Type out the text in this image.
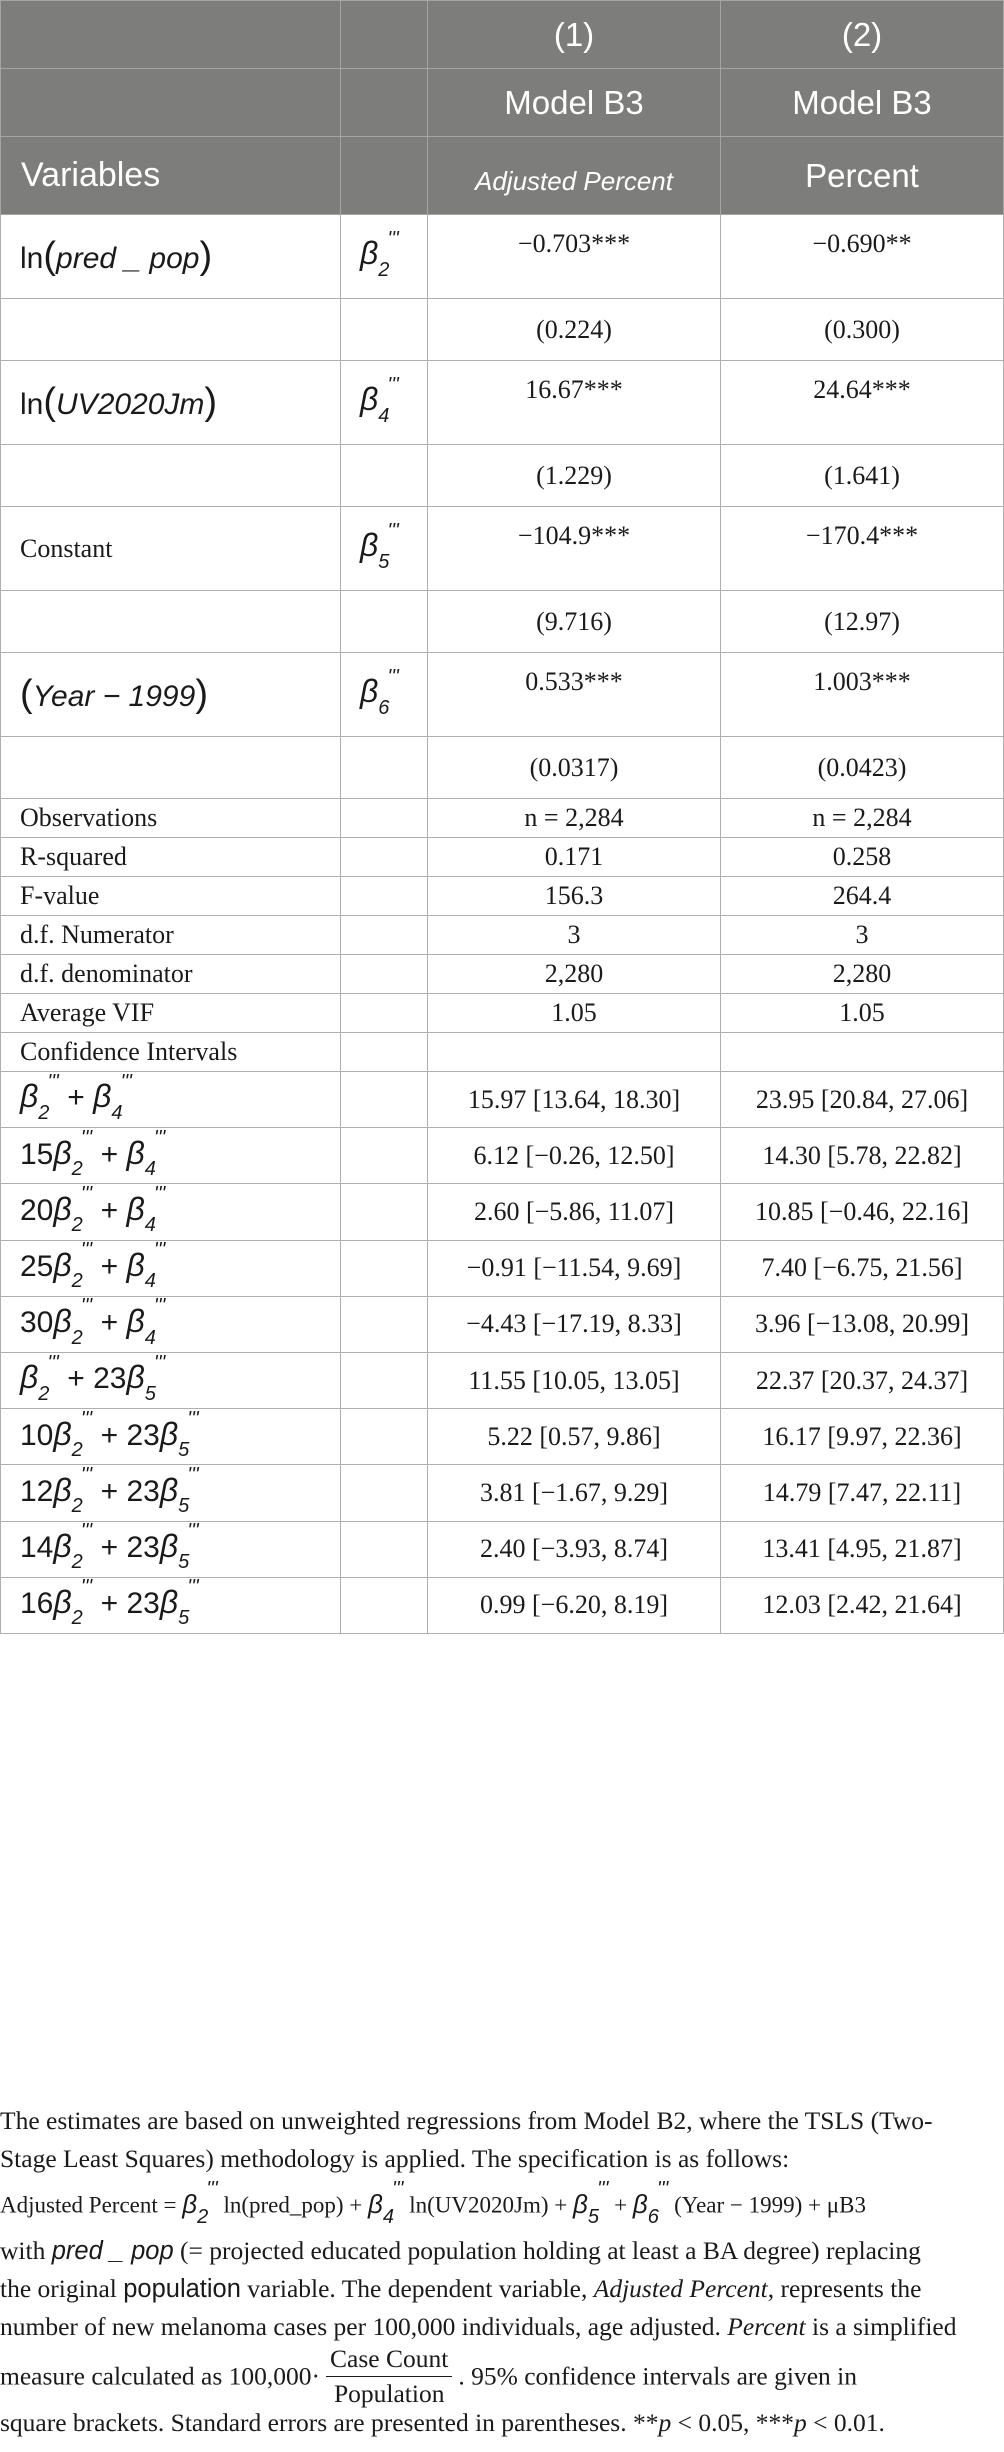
		(1)	(2)
		Model B3	Model B3
Variables		Adjusted Percent	Percent
ln(pred _ pop)	$\beta_2'''$	−0.703***	−0.690**
		(0.224)	(0.300)
ln(UV2020Jm)	$\beta_4'''$	16.67***	24.64***
		(1.229)	(1.641)
Constant	$\beta_5'''$	−104.9***	−170.4***
		(9.716)	(12.97)
(Year − 1999)	$\beta_6'''$	0.533***	1.003***
		(0.0317)	(0.0423)
Observations		n = 2,284	n = 2,284
R-squared		0.171	0.258
F-value		156.3	264.4
d.f. Numerator		3	3
d.f. denominator		2,280	2,280
Average VIF		1.05	1.05
Confidence Intervals			
$\beta_2''' + \beta_4'''$		15.97 [13.64, 18.30]	23.95 [20.84, 27.06]
$15\beta_2''' + \beta_4'''$		6.12 [−0.26, 12.50]	14.30 [5.78, 22.82]
$20\beta_2''' + \beta_4'''$		2.60 [−5.86, 11.07]	10.85 [−0.46, 22.16]
$25\beta_2''' + \beta_4'''$		−0.91 [−11.54, 9.69]	7.40 [−6.75, 21.56]
$30\beta_2''' + \beta_4'''$		−4.43 [−17.19, 8.33]	3.96 [−13.08, 20.99]
$\beta_2''' + 23\beta_5'''$		11.55 [10.05, 13.05]	22.37 [20.37, 24.37]
$10\beta_2''' + 23\beta_5'''$		5.22 [0.57, 9.86]	16.17 [9.97, 22.36]
$12\beta_2''' + 23\beta_5'''$		3.81 [−1.67, 9.29]	14.79 [7.47, 22.11]
$14\beta_2''' + 23\beta_5'''$		2.40 [−3.93, 8.74]	13.41 [4.95, 21.87]
$16\beta_2''' + 23\beta_5'''$		0.99 [−6.20, 8.19]	12.03 [2.42, 21.64]
The estimates are based on unweighted regressions from Model B2, where the TSLS (Two-
Stage Least Squares) methodology is applied. The specification is as follows:
Adjusted Percent = $\beta_2'''$ ln(pred_pop) + $\beta_4'''$ $\ln(UV2020Jm) + \beta_5''' + \beta_6'''$ (Year − 1999) + μB3
with pred _ pop (= projected educated population holding at least a BA degree) replacing
the original population variable. The dependent variable, Adjusted Percent, represents the
number of new melanoma cases per 100,000 individuals, age adjusted. Percent is a simplified
measure calculated as $100,000\cdot \frac{\text{Case Count}}{\text{Population}}$ . 95% confidence intervals are given in
square brackets. Standard errors are presented in parentheses. **p < 0.05, ***p < 0.01.
